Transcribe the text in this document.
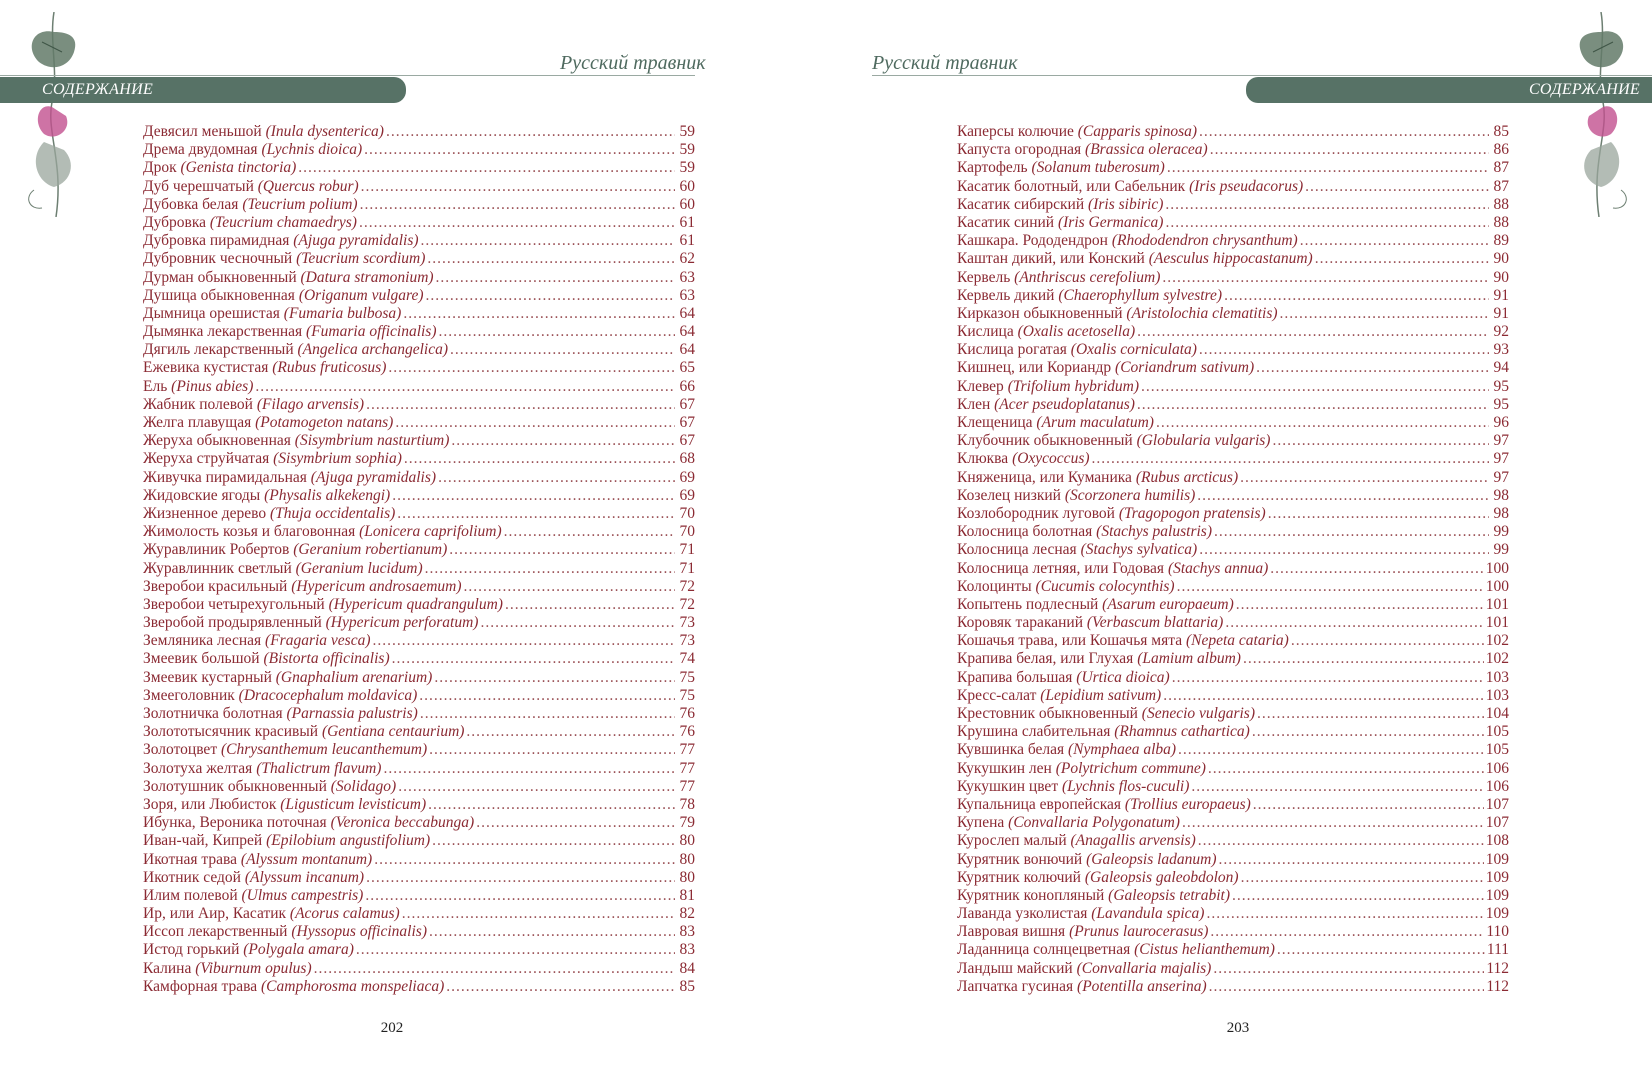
Русский травник
СОДЕРЖАНИЕ
Девясил меньшой (Inula dysenterica) .....	59
Дрема двудомная (Lychnis dioica) .....	59
Дрок (Genista tinctoria) .....	59
Дуб черешчатый (Quercus robur) .....	60
Дубовка белая (Teucrium polium) .....	60
Дубровка (Teucrium chamaedrys) .....	61
Дубровка пирамидная (Ajuga pyramidalis) .....	61
Дубровник чесночный (Teucrium scordium) .....	62
Дурман обыкновенный (Datura stramonium) .....	63
Душица обыкновенная (Origanum vulgare) .....	63
Дымница орешистая (Fumaria bulbosa) .....	64
Дымянка лекарственная (Fumaria officinalis) .....	64
Дягиль лекарственный (Angelica archangelica) .....	64
Ежевика кустистая (Rubus fruticosus) .....	65
Ель (Pinus abies) .....	66
Жабник полевой (Filago arvensis) .....	67
Желга плавущая (Potamogeton natans) .....	67
Жеруха обыкновенная (Sisymbrium nasturtium) .....	67
Жеруха струйчатая (Sisymbrium sophia) .....	68
Живучка пирамидальная (Ajuga pyramidalis) .....	69
Жидовские ягоды (Physalis alkekengi) .....	69
Жизненное дерево (Thuja occidentalis) .....	70
Жимолость козья и благовонная (Lonicera caprifolium) .....	70
Журавлиник Робертов (Geranium robertianum) .....	71
Журавлинник светлый (Geranium lucidum) .....	71
Зверобои красильный (Hypericum androsaemum) .....	72
Зверобои четырехугольный (Hypericum quadrangulum) .....	72
Зверобой продырявленный (Hypericum perforatum) .....	73
Земляника лесная (Fragaria vesca) .....	73
Змеевик большой (Bistorta officinalis) .....	74
Змеевик кустарный (Gnaphalium arenarium) .....	75
Змееголовник (Dracocephalum moldavica) .....	75
Золотничка болотная (Parnassia palustris) .....	76
Золототысячник красивый (Gentiana centaurium) .....	76
Золотоцвет (Chrysanthemum leucanthemum) .....	77
Золотуха желтая (Thalictrum flavum) .....	77
Золотушник обыкновенный (Solidago) .....	77
Зоря, или Любисток (Ligusticum levisticum) .....	78
Ибунка, Вероника поточная (Veronica beccabunga) .....	79
Иван-чай, Кипрей (Epilobium angustifolium) .....	80
Икотная трава (Alyssum montanum) .....	80
Икотник седой (Alyssum incanum) .....	80
Илим полевой (Ulmus campestris) .....	81
Ир, или Аир, Касатик (Acorus calamus) .....	82
Иссоп лекарственный (Hyssopus officinalis) .....	83
Истод горький (Polygala amara) .....	83
Калина (Viburnum opulus) .....	84
Камфорная трава (Camphorosma monspeliaca) .....	85
202
Русский травник
СОДЕРЖАНИЕ
Каперсы колючие (Capparis spinosa) .....	85
Капуста огородная (Brassica oleracea) .....	86
Картофель (Solanum tuberosum) .....	87
Касатик болотный, или Сабельник (Iris pseudacorus) .....	87
Касатик сибирский (Iris sibiric) .....	88
Касатик синий (Iris Germanica) .....	88
Кашкара. Рододендрон (Rhododendron chrysanthum) .....	89
Каштан дикий, или Конский (Aesculus hippocastanum) .....	90
Кервель (Anthriscus cerefolium) .....	90
Кервель дикий (Chaerophyllum sylvestre) .....	91
Кирказон обыкновенный (Aristolochia clematitis) .....	91
Кислица (Oxalis acetosella) .....	92
Кислица рогатая (Oxalis corniculata) .....	93
Кишнец, или Кориандр (Coriandrum sativum) .....	94
Клевер (Trifolium hybridum) .....	95
Клен (Acer pseudoplatanus) .....	95
Клещеница (Arum maculatum) .....	96
Клубочник обыкновенный (Globularia vulgaris) .....	97
Клюква (Oxycoccus) .....	97
Княженица, или Куманика (Rubus arcticus) .....	97
Козелец низкий (Scorzonera humilis) .....	98
Козлобородник луговой (Tragopogon pratensis) .....	98
Колосница болотная (Stachys palustris) .....	99
Колосница лесная (Stachys sylvatica) .....	99
Колосница летняя, или Годовая (Stachys annua) .....	100
Колоцинты (Cucumis colocynthis) .....	100
Копытень подлесный (Asarum europaeum) .....	101
Коровяк тараканий (Verbascum blattaria) .....	101
Кошачья трава, или Кошачья мята (Nepeta cataria) .....	102
Крапива белая, или Глухая (Lamium album) .....	102
Крапива большая (Urtica dioica) .....	103
Кресс-салат (Lepidium sativum) .....	103
Крестовник обыкновенный (Senecio vulgaris) .....	104
Крушина слабительная (Rhamnus cathartica) .....	105
Кувшинка белая (Nymphaea alba) .....	105
Кукушкин лен (Polytrichum commune) .....	106
Кукушкин цвет (Lychnis flos-cuculi) .....	106
Купальница европейская (Trollius europaeus) .....	107
Купена (Convallaria Polygonatum) .....	107
Курослеп малый (Anagallis arvensis) .....	108
Курятник вонючий (Galeopsis ladanum) .....	109
Курятник колючий (Galeopsis galeobdolon) .....	109
Курятник конопляный (Galeopsis tetrabit) .....	109
Лаванда узколистая (Lavandula spica) .....	109
Лавровая вишня (Prunus laurocerasus) .....	110
Ладанница солнцецветная (Cistus helianthemum) .....	111
Ландыш майский (Convallaria majalis) .....	112
Лапчатка гусиная (Potentilla anserina) .....	112
203
